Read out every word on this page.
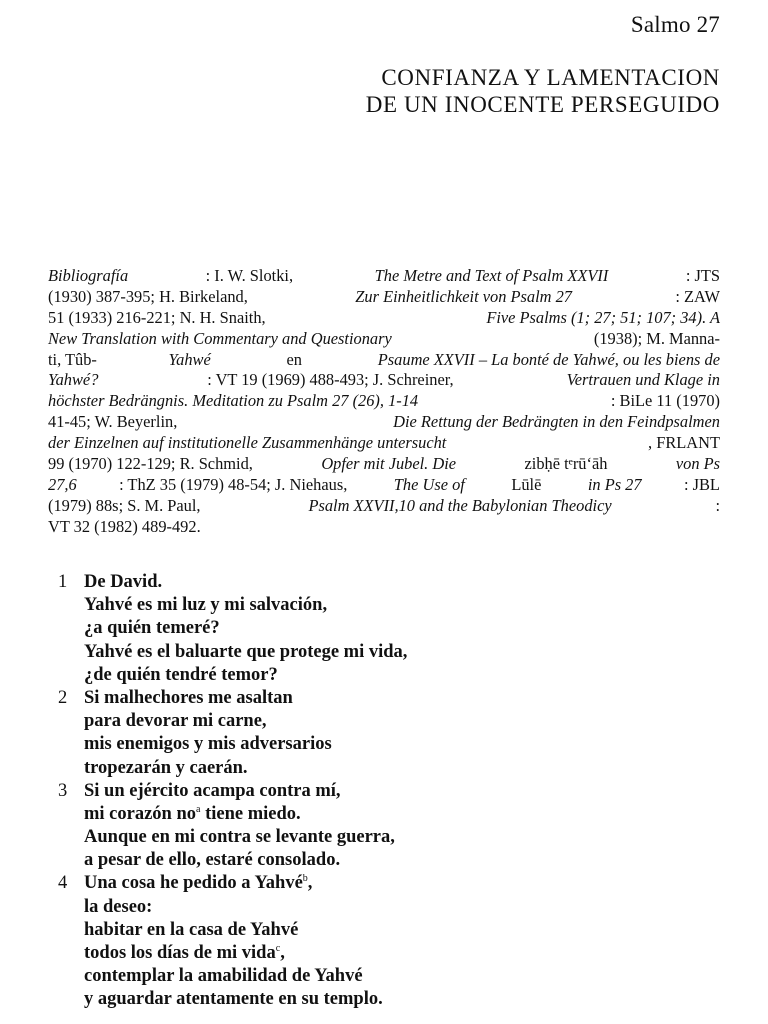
Salmo 27
CONFIANZA Y LAMENTACION
DE UN INOCENTE PERSEGUIDO
Bibliografía	: I. W. Slotki,	The Metre and Text of Psalm XXVII	: JTS
(1930) 387-395; H. Birkeland,	Zur Einheitlichkeit von Psalm 27	: ZAW
51 (1933) 216-221; N. H. Snaith,	Five Psalms (1; 27; 51; 107; 34). A
New Translation with Commentary and Questionary	(1938); M. Manna-
ti, Tûb-	Yahwé	en	Psaume XXVII – La bonté de Yahwé, ou les biens de
Yahwé?	: VT 19 (1969) 488-493; J. Schreiner,	Vertrauen und Klage in
höchster Bedrängnis. Meditation zu Psalm 27 (26), 1-14	: BiLe 11 (1970)
41-45; W. Beyerlin,	Die Rettung der Bedrängten in den Feindpsalmen
der Einzelnen auf institutionelle Zusammenhänge untersucht	, FRLANT
99 (1970) 122-129; R. Schmid,	Opfer mit Jubel. Die	zibḥē tᵉrū‘āh	von Ps
27,6	: ThZ 35 (1979) 48-54; J. Niehaus,	The Use of	Lūlē	in Ps 27	: JBL
(1979) 88s; S. M. Paul,	Psalm XXVII,10 and the Babylonian Theodicy	:
VT 32 (1982) 489-492.
1 De David.
Yahvé es mi luz y mi salvación,
¿a quién temeré?
Yahvé es el baluarte que protege mi vida,
¿de quién tendré temor?
2 Si malhechores me asaltan
para devorar mi carne,
mis enemigos y mis adversarios
tropezarán y caerán.
3 Si un ejército acampa contra mí,
mi corazón $no^a$ tiene miedo.
Aunque en mi contra se levante guerra,
a pesar de ello, estaré consolado.
4 Una cosa he pedido a Yahvé$^b$,
la deseo:
habitar en la casa de Yahvé
todos los días de mi vida$^c$,
contemplar la amabilidad de Yahvé
y aguardar atentamente en su templo.
